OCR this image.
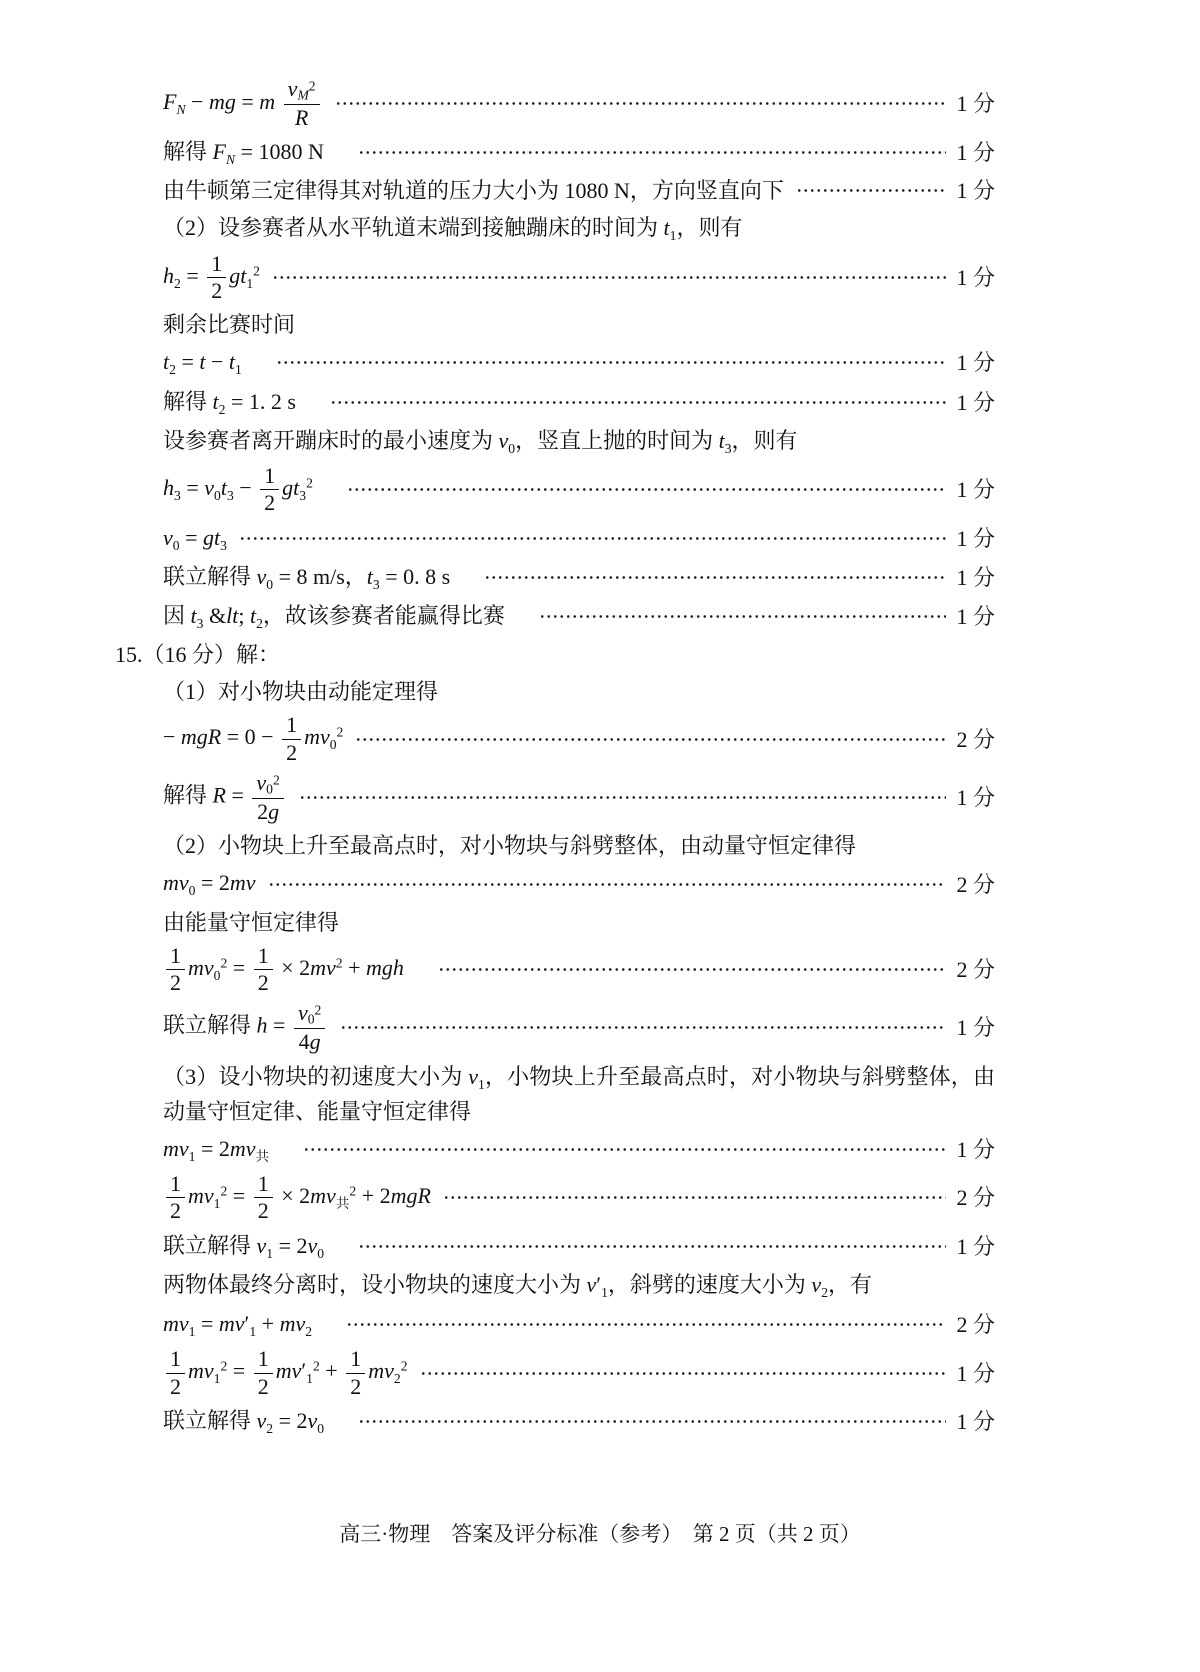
$F_N$ − mg = m $\frac{v_M^2}{R}$	1 分
解得 $F_N = 1080$ N　	1 分
由牛顿第三定律得其对轨道的压力大小为 1080 N，方向竖直向下	1 分
（2）设参赛者从水平轨道末端到接触蹦床的时间为 $t_1$，则有
$h_2 = \frac{1}{2} gt_1^2$	1 分
剩余比赛时间
$t_2 = t - t_1$　	1 分
解得 $t_2 = 1$. 2 s　	1 分
设参赛者离开蹦床时的最小速度为 $v_0$，竖直上抛的时间为 $t_3$，则有
$h_3 = v_0t_3 - \frac{1}{2} gt_3^2$　	1 分
$v_0 = gt_3$	1 分
联立解得 $v_0 = 8$ m/s，$t_3 = 0$. 8 s　	1 分
因 $t_3$ &lt; $t_2$，故该参赛者能赢得比赛　	1 分
15.（16 分）解：
（1）对小物块由动能定理得
− mgR = $0 - \frac{1}{2} mv_0^2$	2 分
解得 $R = \frac{v_0^2}{2g}$	1 分
（2）小物块上升至最高点时，对小物块与斜劈整体，由动量守恒定律得
$mv_0 = 2mv$	2 分
由能量守恒定律得
$\frac{1}{2} mv_0^2 = \frac{1}{2} \times 2mv^2$ + mgh　	2 分
联立解得 $h = \frac{v_0^2}{4g}$	1 分
（3）设小物块的初速度大小为 $v_1$，小物块上升至最高点时，对小物块与斜劈整体，由动量守恒定律、能量守恒定律得
$mv_1 = 2mv_共$　	1 分
$\frac{1}{2} mv_1^2 = \frac{1}{2} \times 2mv_共^2 + 2mgR$	2 分
联立解得 $v_1 = 2v_0$　	1 分
两物体最终分离时，设小物块的速度大小为 $v'_1$，斜劈的速度大小为 $v_2$，有
$mv_1 = mv'_1 + mv_2$　	2 分
$\frac{1}{2} mv_1^2 = \frac{1}{2} mv'_1^2 + \frac{1}{2} mv_2^2$	1 分
联立解得 $v_2 = 2v_0$　	1 分
高三·物理　答案及评分标准（参考）　第 2 页（共 2 页）
